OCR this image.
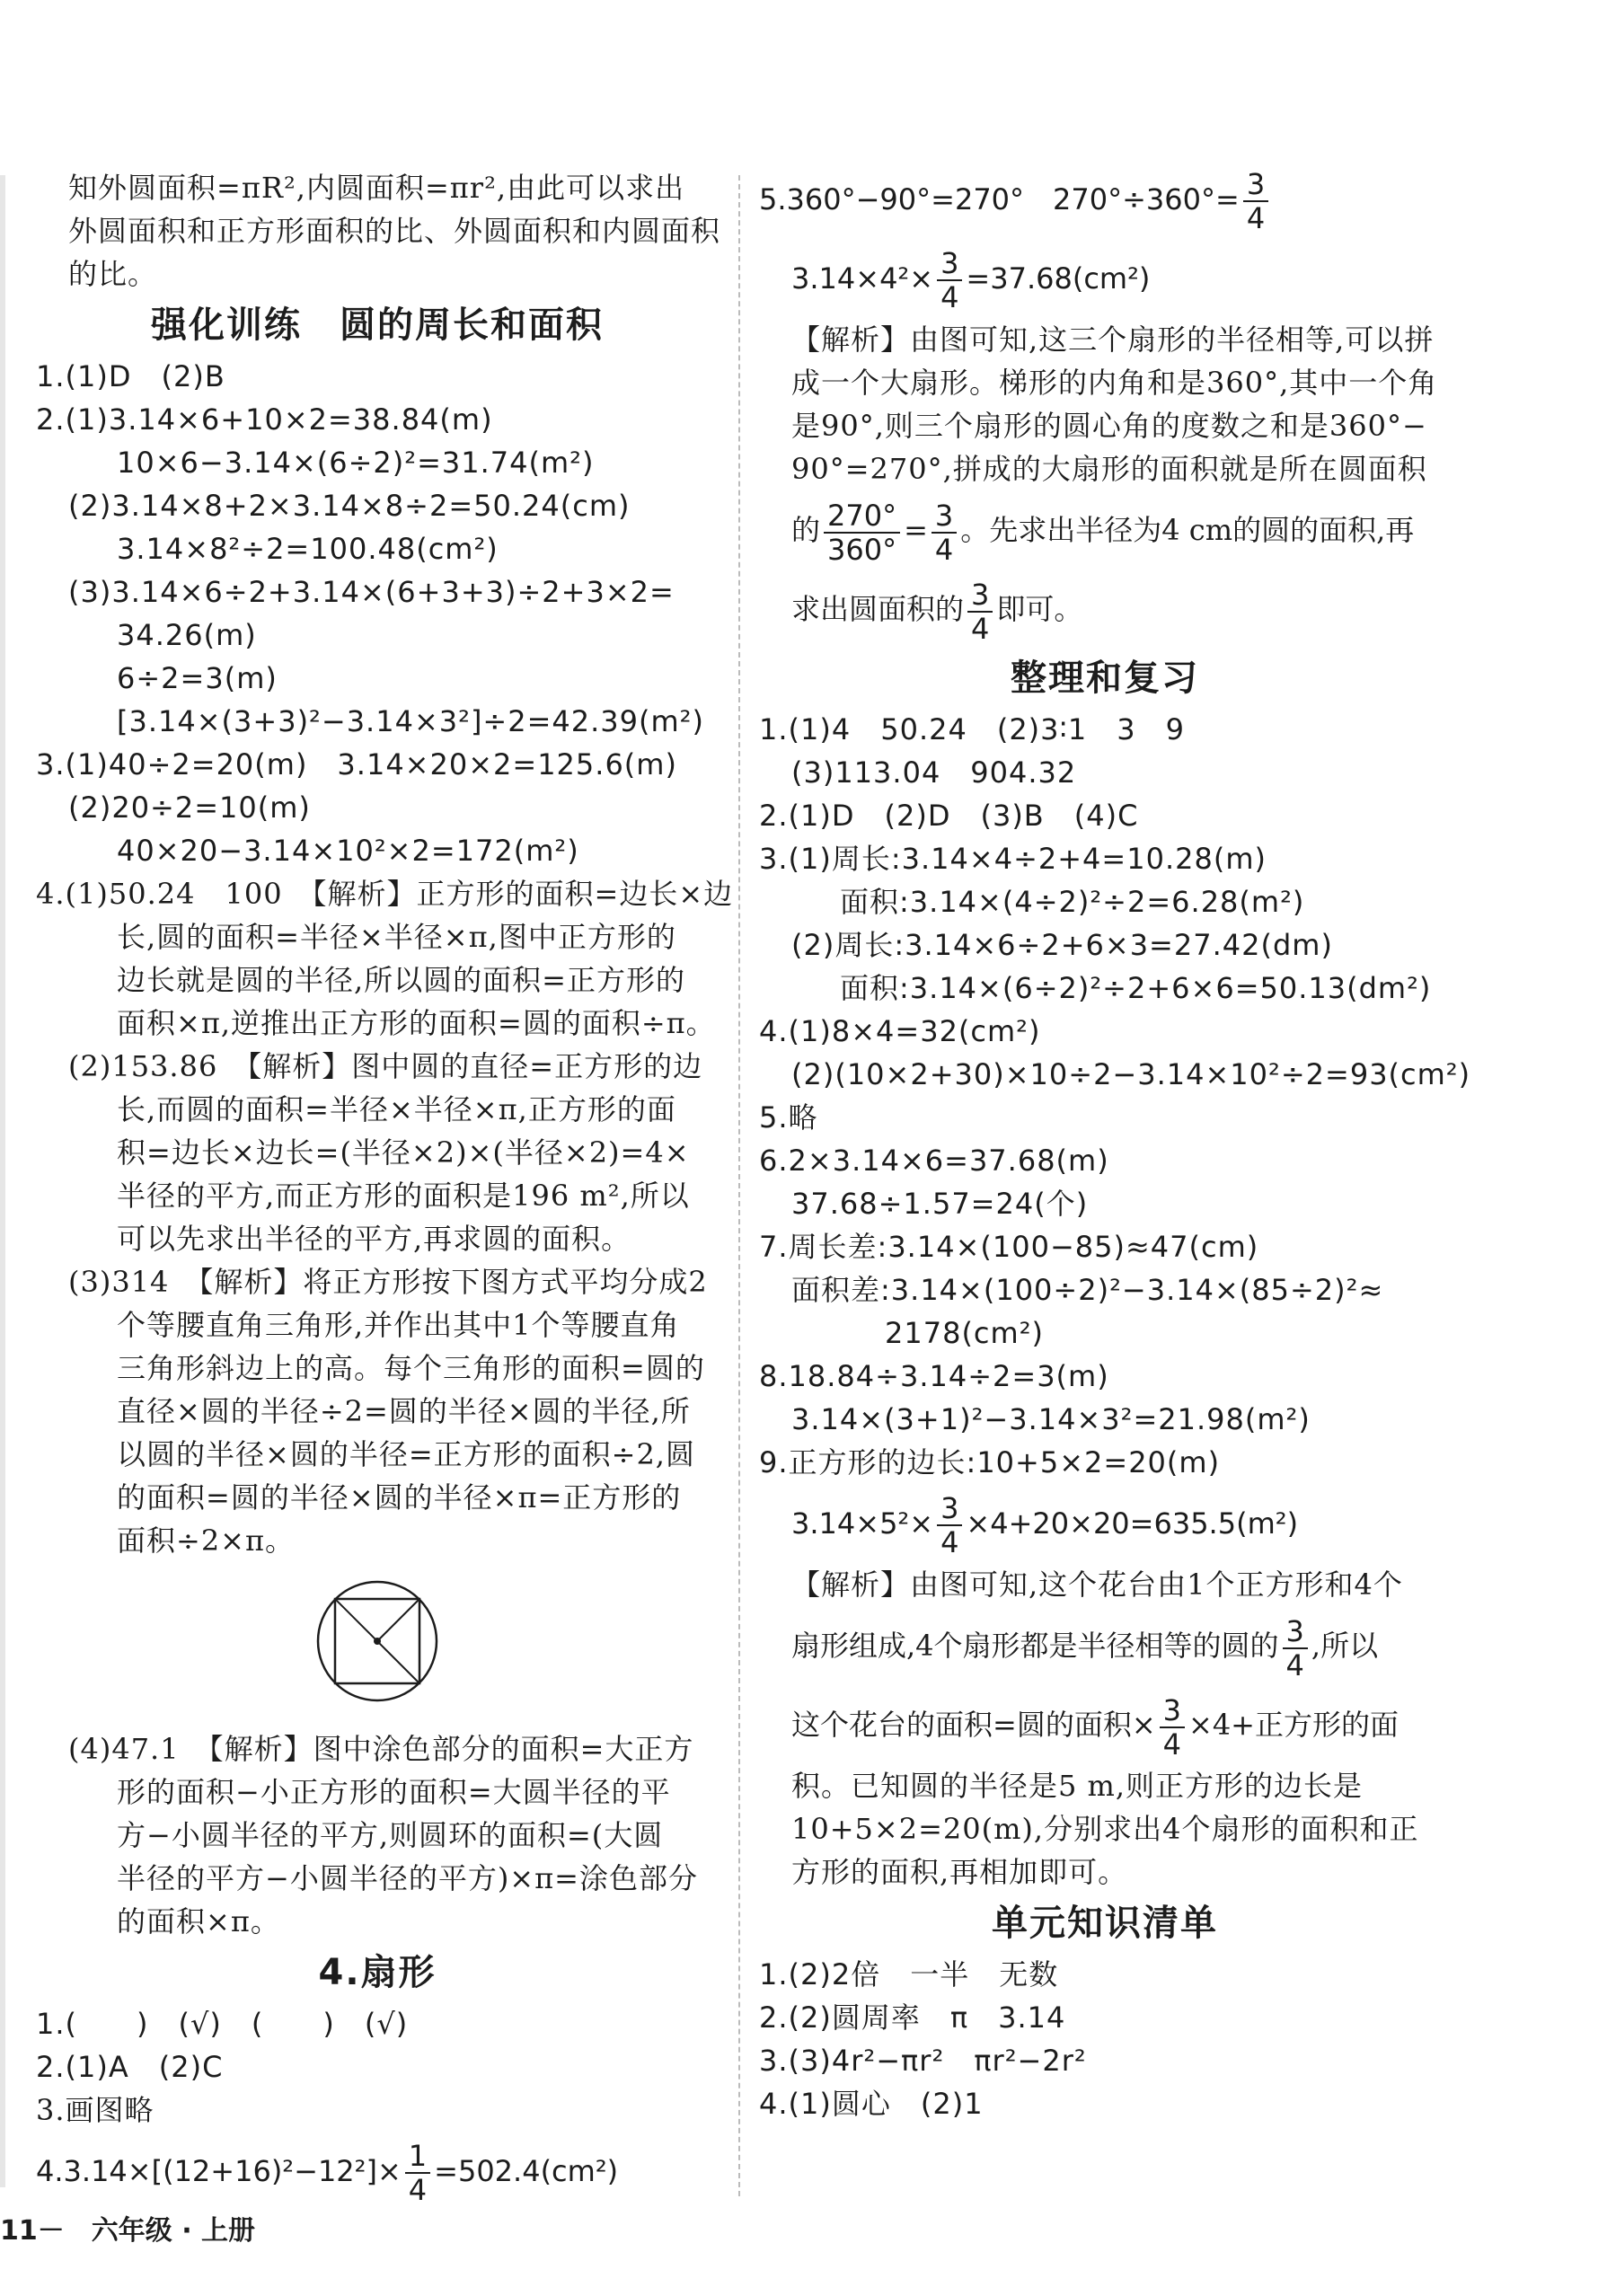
知外圆面积=πR²,内圆面积=πr²,由此可以求出
外圆面积和正方形面积的比、外圆面积和内圆面积
的比。
强化训练　圆的周长和面积
1.(1)D　(2)B
2.(1)3.14×6+10×2=38.84(m)
10×6−3.14×(6÷2)²=31.74(m²)
(2)3.14×8+2×3.14×8÷2=50.24(cm)
3.14×8²÷2=100.48(cm²)
(3)3.14×6÷2+3.14×(6+3+3)÷2+3×2=
34.26(m)
6÷2=3(m)
[3.14×(3+3)²−3.14×3²]÷2=42.39(m²)
3.(1)40÷2=20(m)　3.14×20×2=125.6(m)
(2)20÷2=10(m)
40×20−3.14×10²×2=172(m²)
4.(1)50.24　100　【解析】正方形的面积=边长×边
长,圆的面积=半径×半径×π,图中正方形的
边长就是圆的半径,所以圆的面积=正方形的
面积×π,逆推出正方形的面积=圆的面积÷π。
(2)153.86　【解析】图中圆的直径=正方形的边
长,而圆的面积=半径×半径×π,正方形的面
积=边长×边长=(半径×2)×(半径×2)=4×
半径的平方,而正方形的面积是196 m²,所以
可以先求出半径的平方,再求圆的面积。
(3)314　【解析】将正方形按下图方式平均分成2
个等腰直角三角形,并作出其中1个等腰直角
三角形斜边上的高。每个三角形的面积=圆的
直径×圆的半径÷2=圆的半径×圆的半径,所
以圆的半径×圆的半径=正方形的面积÷2,圆
的面积=圆的半径×圆的半径×π=正方形的
面积÷2×π。
(4)47.1　【解析】图中涂色部分的面积=大正方
形的面积−小正方形的面积=大圆半径的平
方−小圆半径的平方,则圆环的面积=(大圆
半径的平方−小圆半径的平方)×π=涂色部分
的面积×π。
4.扇形
1.(　　)　(√)　(　　)　(√)
2.(1)A　(2)C
3.画图略
$4.3.14\times[(12+16)^2-12^2]\times \frac{1}{4} =502.4(cm^2)$
5.360°−90°=270°　$270^\circ\div 360^\circ= \frac{3}{4}$
$3.14\times 4^2\times \frac{3}{4} =37.68(cm^2)$
【解析】由图可知,这三个扇形的半径相等,可以拼
成一个大扇形。梯形的内角和是360°,其中一个角
是90°,则三个扇形的圆心角的度数之和是360°−
90°=270°,拼成的大扇形的面积就是所在圆面积
的 $\frac{270^\circ}{360^\circ} = \frac{3}{4}$ 。先求出半径为4 cm的圆的面积,再
求出圆面积的 $\frac{3}{4}$ 即可。
整理和复习
1.(1)4　50.24　(2)3∶1　3　9
(3)113.04　904.32
2.(1)D　(2)D　(3)B　(4)C
3.(1)周长:3.14×4÷2+4=10.28(m)
面积:3.14×(4÷2)²÷2=6.28(m²)
(2)周长:3.14×6÷2+6×3=27.42(dm)
面积:3.14×(6÷2)²÷2+6×6=50.13(dm²)
4.(1)8×4=32(cm²)
(2)(10×2+30)×10÷2−3.14×10²÷2=93(cm²)
5.略
6.2×3.14×6=37.68(m)
37.68÷1.57=24(个)
7.周长差:3.14×(100−85)≈47(cm)
面积差:3.14×(100÷2)²−3.14×(85÷2)²≈
2178(cm²)
8.18.84÷3.14÷2=3(m)
3.14×(3+1)²−3.14×3²=21.98(m²)
9.正方形的边长:10+5×2=20(m)
$3.14\times 5^2\times \frac{3}{4} \times 4+20\times 20=635.5(m^2)$
【解析】由图可知,这个花台由1个正方形和4个
扇形组成,4个扇形都是半径相等的圆的 $\frac{3}{4}$ ,所以
这个花台的面积=圆的面积× $\frac{3}{4} \times 4+$正方形的面
积。已知圆的半径是5 m,则正方形的边长是
10+5×2=20(m),分别求出4个扇形的面积和正
方形的面积,再相加即可。
单元知识清单
1.(2)2倍　一半　无数
2.(2)圆周率　π　3.14
3.(3)4r²−πr²　πr²−2r²
4.(1)圆心　(2)1
11－　六年级 · 上册
